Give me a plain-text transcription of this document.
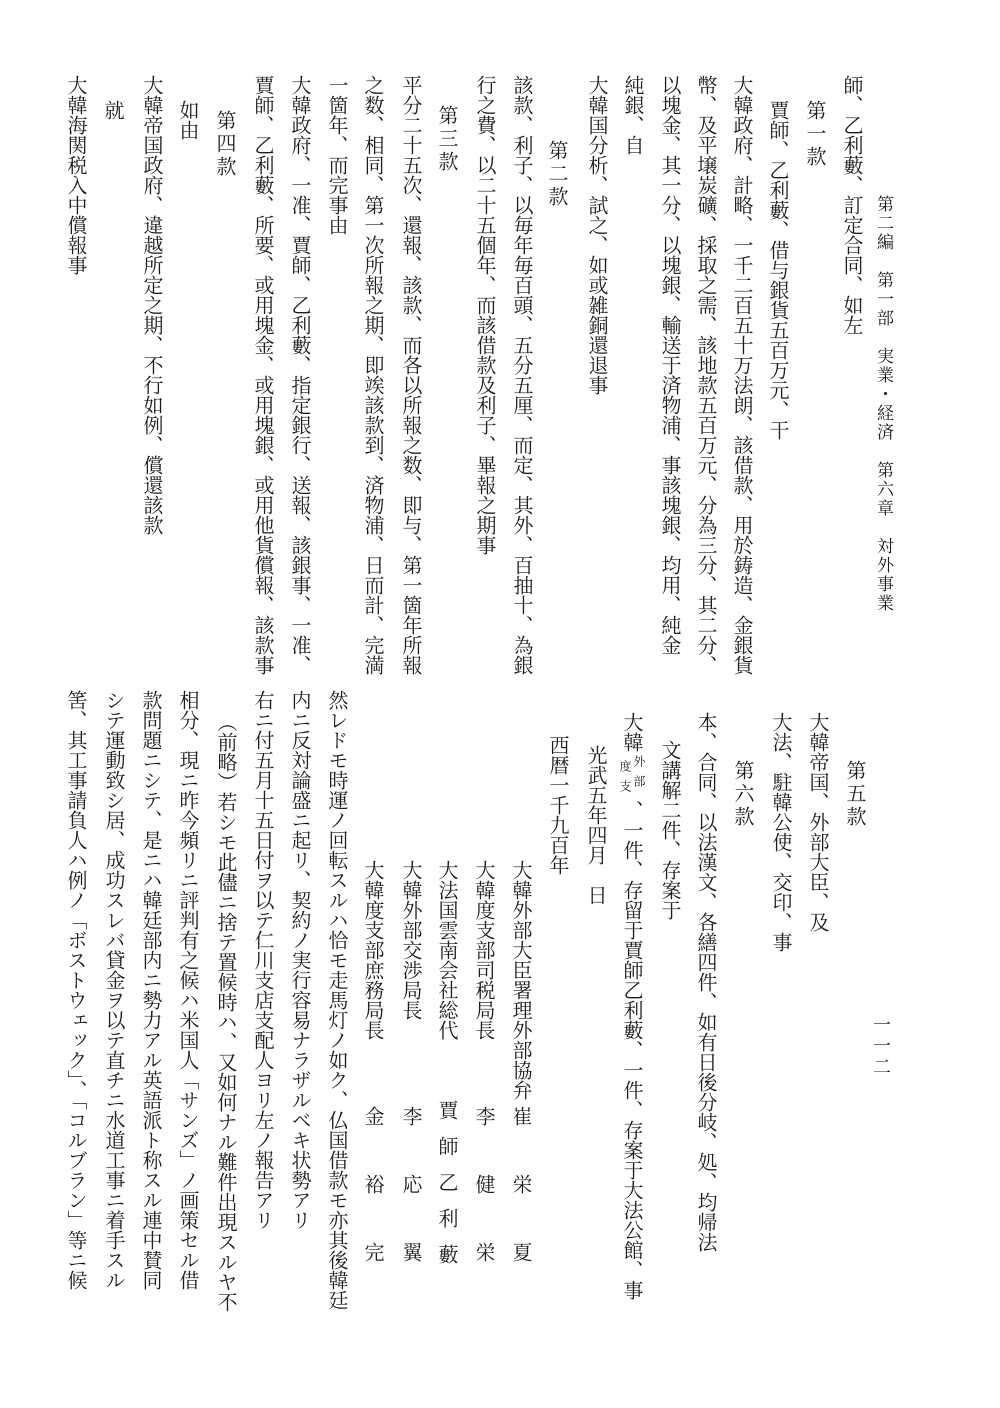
第二編　第一部　実業・経済　第六章　対外事業
一一二
師、乙利藪、訂定合同、如左
第一款
賈師、乙利藪、借与銀貨五百万元、干
大韓政府、計略、一千二百五十万法朗、該借款、用於鋳造、金銀貨
幣、及平壌炭礦、採取之需、該地款五百万元、分為三分、其二分、
以塊金、其一分、以塊銀、輸送于済物浦、事該塊銀、均用、純金
純銀、自
大韓国分析、試之、如或雑銅還退事
第二款
該款、利子、以毎年毎百頭、五分五厘、而定、其外、百抽十、為銀
行之費、以二十五個年、而該借款及利子、畢報之期事
第三款
平分二十五次、還報、該款、而各以所報之数、即与、第一箇年所報
之数、相同、第一次所報之期、即竢該款到、済物浦、日而計、完満
一箇年、而完事由
大韓政府、一准、賈師、乙利藪、指定銀行、送報、該銀事、一准、
賈師、乙利藪、所要、或用塊金、或用塊銀、或用他貨償報、該款事
第四款
如由
大韓帝国政府、違越所定之期、不行如例、償還該款
就
大韓海関税入中償報事
第五款
大韓帝国、外部大臣、及
大法、駐韓公使、交印、事
第六款
本、合同、以法漢文、各繕四件、如有日後分岐、処、均帰法
文講解二件、存案于
大韓
外部
度支
、一件、存留于賈師乙利藪、一件、存案于大法公館、事
光武五年四月　日
西暦一千九百年
大韓外部大臣署理外部協弁
崔栄夏
大韓度支部司税局長
李健栄
大法国雲南会社総代
賈師乙利藪
大韓外部交渉局長
李応翼
大韓度支部庶務局長
金裕完
然レドモ時運ノ回転スルハ恰モ走馬灯ノ如ク、仏国借款モ亦其後韓廷
内ニ反対論盛ニ起リ、契約ノ実行容易ナラザルベキ状勢アリ
右ニ付五月十五日付ヲ以テ仁川支店支配人ヨリ左ノ報告アリ
（前略）若シモ此儘ニ捨テ置候時ハ、又如何ナル難件出現スルヤ不
相分、現ニ昨今頻リニ評判有之候ハ米国人「サンズ」ノ画策セル借
款問題ニシテ、是ニハ韓廷部内ニ勢力アル英語派ト称スル連中賛同
シテ運動致シ居、成功スレバ貸金ヲ以テ直チニ水道工事ニ着手スル
筈、其工事請負人ハ例ノ「ボストウェック」、「コルブラン」等ニ候
